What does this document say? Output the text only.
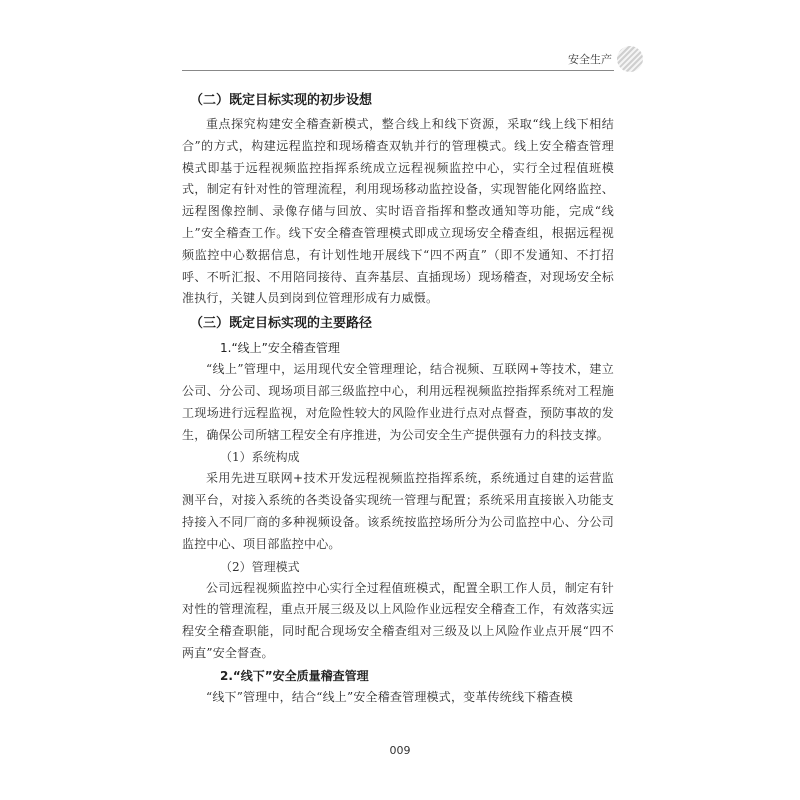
安全生产
（二）既定目标实现的初步设想

重点探究构建安全稽查新模式，整合线上和线下资源，采取“线上线下相结合”的方式，构建远程监控和现场稽查双轨并行的管理模式。线上安全稽查管理模式即基于远程视频监控指挥系统成立远程视频监控中心，实行全过程值班模式，制定有针对性的管理流程，利用现场移动监控设备，实现智能化网络监控、远程图像控制、录像存储与回放、实时语音指挥和整改通知等功能，完成“线上”安全稽查工作。线下安全稽查管理模式即成立现场安全稽查组，根据远程视频监控中心数据信息，有计划性地开展线下“四不两直”（即不发通知、不打招呼、不听汇报、不用陪同接待、直奔基层、直插现场）现场稽查，对现场安全标准执行，关键人员到岗到位管理形成有力威慑。

（三）既定目标实现的主要路径
1.“线上”安全稽查管理

“线上”管理中，运用现代安全管理理论，结合视频、互联网+等技术，建立公司、分公司、现场项目部三级监控中心，利用远程视频监控指挥系统对工程施工现场进行远程监视，对危险性较大的风险作业进行点对点督查，预防事故的发生，确保公司所辖工程安全有序推进，为公司安全生产提供强有力的科技支撑。

（1）系统构成

采用先进互联网+技术开发远程视频监控指挥系统，系统通过自建的运营监测平台，对接入系统的各类设备实现统一管理与配置；系统采用直接嵌入功能支持接入不同厂商的多种视频设备。该系统按监控场所分为公司监控中心、分公司监控中心、项目部监控中心。

（2）管理模式

公司远程视频监控中心实行全过程值班模式，配置全职工作人员，制定有针对性的管理流程，重点开展三级及以上风险作业远程安全稽查工作，有效落实远程安全稽查职能，同时配合现场安全稽查组对三级及以上风险作业点开展“四不两直”安全督查。

2.“线下”安全质量稽查管理

“线下”管理中，结合“线上”安全稽查管理模式，变革传统线下稽查模

009
